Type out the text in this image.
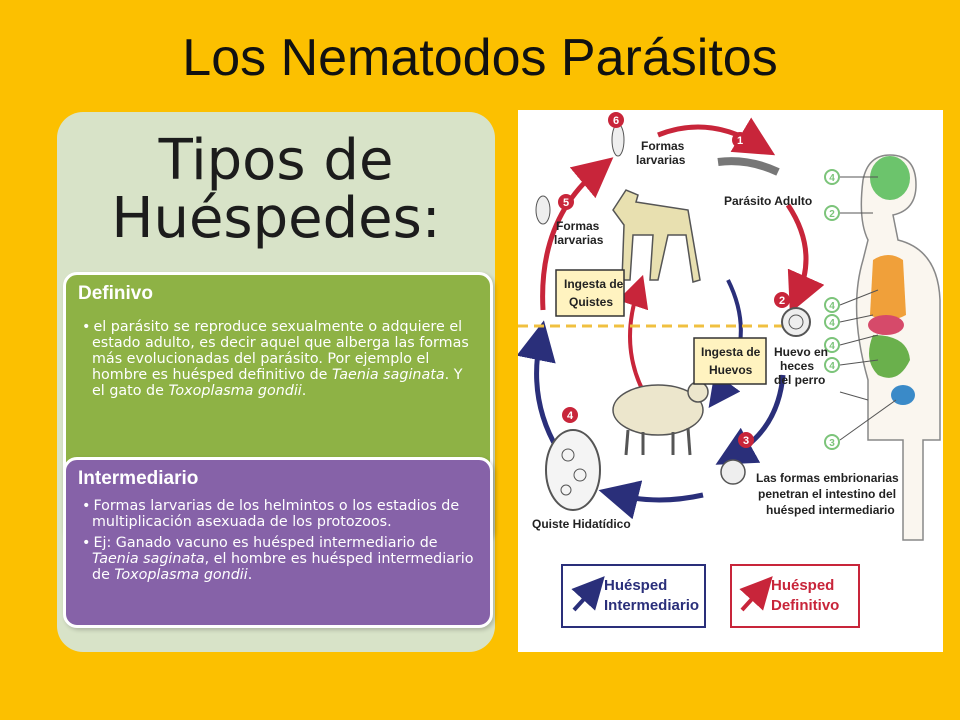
Los Nematodos Parásitos
Tipos de
Huéspedes:
Definivo

• el parásito se reproduce sexualmente o adquiere el estado adulto, es decir aquel que alberga las formas más evolucionadas del parásito. Por ejemplo el hombre es huésped definitivo de Taenia saginata. Y el gato de Toxoplasma gondii.

Intermediario

• Formas larvarias de los helmintos o los estadios de multiplicación asexuada de los protozoos.

• Ej: Ganado vacuno es huésped intermediario de Taenia saginata, el hombre es huésped intermediario de Toxoplasma gondii.

6
1
5
2
4
3
4
2
4
4
4
4
3
Formas
larvarias
Parásito Adulto
Formas
larvarias
Ingesta de
Quistes
Ingesta de
Huevos
Huevo en
heces
del perro
Las formas embrionarias
penetran el intestino del
huésped intermediario
Quiste Hidatídico
Huésped
Intermediario
Huésped
Definitivo
